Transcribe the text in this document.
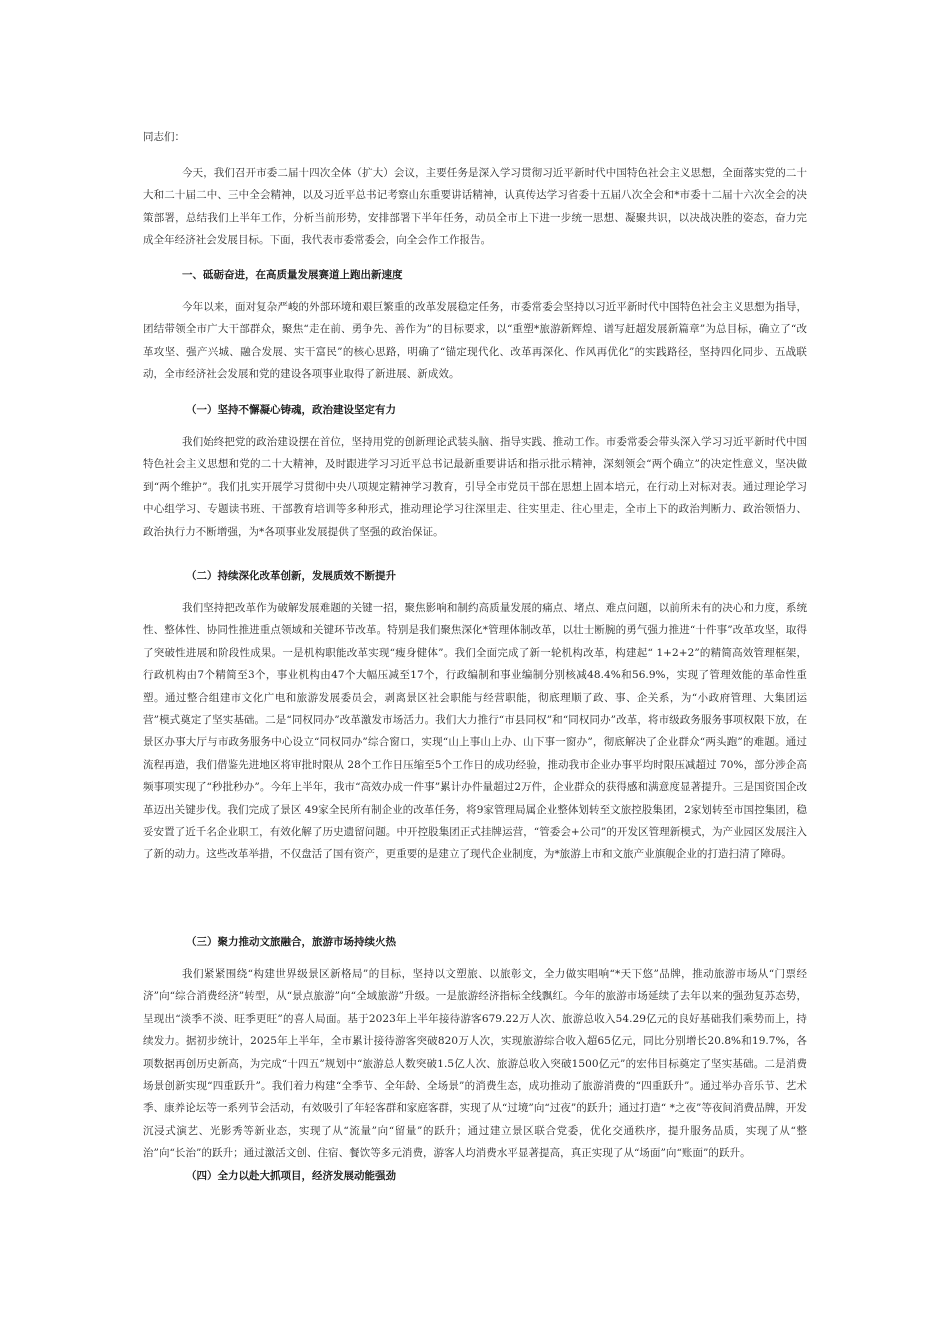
同志们：

今天，我们召开市委二届十四次全体（扩大）会议，主要任务是深入学习贯彻习近平新时代中国特色社会主义思想，全面落实党的二十大和二十届二中、三中全会精神，以及习近平总书记考察山东重要讲话精神，认真传达学习省委十五届八次全会和*市委十二届十六次全会的决策部署，总结我们上半年工作，分析当前形势，安排部署下半年任务，动员全市上下进一步统一思想、凝聚共识，以决战决胜的姿态，奋力完成全年经济社会发展目标。下面，我代表市委常委会，向全会作工作报告。

一、砥砺奋进，在高质量发展赛道上跑出新速度

今年以来，面对复杂严峻的外部环境和艰巨繁重的改革发展稳定任务，市委常委会坚持以习近平新时代中国特色社会主义思想为指导，团结带领全市广大干部群众，聚焦“走在前、勇争先、善作为”的目标要求，以“重塑*旅游新辉煌、谱写赶超发展新篇章”为总目标，确立了“改革攻坚、强产兴城、融合发展、实干富民”的核心思路，明确了“锚定现代化、改革再深化、作风再优化”的实践路径，坚持四化同步、五战联动，全市经济社会发展和党的建设各项事业取得了新进展、新成效。

（一）坚持不懈凝心铸魂，政治建设坚定有力

我们始终把党的政治建设摆在首位，坚持用党的创新理论武装头脑、指导实践、推动工作。市委常委会带头深入学习习近平新时代中国特色社会主义思想和党的二十大精神，及时跟进学习习近平总书记最新重要讲话和指示批示精神，深刻领会“两个确立”的决定性意义，坚决做到“两个维护”。我们扎实开展学习贯彻中央八项规定精神学习教育，引导全市党员干部在思想上固本培元，在行动上对标对表。通过理论学习中心组学习、专题读书班、干部教育培训等多种形式，推动理论学习往深里走、往实里走、往心里走，全市上下的政治判断力、政治领悟力、政治执行力不断增强，为*各项事业发展提供了坚强的政治保证。

（二）持续深化改革创新，发展质效不断提升

我们坚持把改革作为破解发展难题的关键一招，聚焦影响和制约高质量发展的痛点、堵点、难点问题，以前所未有的决心和力度，系统性、整体性、协同性推进重点领域和关键环节改革。特别是我们聚焦深化*管理体制改革，以壮士断腕的勇气强力推进“十件事”改革攻坚，取得了突破性进展和阶段性成果。一是机构职能改革实现“瘦身健体”。我们全面完成了新一轮机构改革，构建起“ 1+2+2”的精简高效管理框架，行政机构由7个精简至3个，事业机构由47个大幅压减至17个，行政编制和事业编制分别核减48.4%和56.9%，实现了管理效能的革命性重塑。通过整合组建市文化广电和旅游发展委员会，剥离景区社会职能与经营职能，彻底理顺了政、事、企关系，为“小政府管理、大集团运营”模式奠定了坚实基础。二是“同权同办”改革激发市场活力。我们大力推行“市县同权”和“同权同办”改革，将市级政务服务事项权限下放，在景区办事大厅与市政务服务中心设立“同权同办”综合窗口，实现“山上事山上办、山下事一窗办”，彻底解决了企业群众“两头跑”的难题。通过流程再造，我们借鉴先进地区将审批时限从 28个工作日压缩至5个工作日的成功经验，推动我市企业办事平均时限压减超过 70%，部分涉企高频事项实现了“秒批秒办”。今年上半年，我市“高效办成一件事”累计办件量超过2万件，企业群众的获得感和满意度显著提升。三是国资国企改革迈出关键步伐。我们完成了景区 49家全民所有制企业的改革任务，将9家管理局属企业整体划转至文旅控股集团，2家划转至市国控集团，稳妥安置了近千名企业职工，有效化解了历史遗留问题。中开控股集团正式挂牌运营，“管委会+公司”的开发区管理新模式，为产业园区发展注入了新的动力。这些改革举措，不仅盘活了国有资产，更重要的是建立了现代企业制度，为*旅游上市和文旅产业旗舰企业的打造扫清了障碍。

（三）聚力推动文旅融合，旅游市场持续火热

我们紧紧围绕“构建世界级景区新格局”的目标，坚持以文塑旅、以旅彰文，全力做实唱响“*天下悠”品牌，推动旅游市场从“门票经济”向“综合消费经济”转型，从“景点旅游”向“全域旅游”升级。一是旅游经济指标全线飘红。今年的旅游市场延续了去年以来的强劲复苏态势，呈现出“淡季不淡、旺季更旺”的喜人局面。基于2023年上半年接待游客679.22万人次、旅游总收入54.29亿元的良好基础我们乘势而上，持续发力。据初步统计，2025年上半年，全市累计接待游客突破820万人次，实现旅游综合收入超65亿元，同比分别增长20.8%和19.7%，各项数据再创历史新高，为完成“十四五”规划中“旅游总人数突破1.5亿人次、旅游总收入突破1500亿元”的宏伟目标奠定了坚实基础。二是消费场景创新实现“四重跃升”。我们着力构建“全季节、全年龄、全场景”的消费生态，成功推动了旅游消费的“四重跃升”。通过举办音乐节、艺术季、康养论坛等一系列节会活动，有效吸引了年轻客群和家庭客群，实现了从“过境”向“过夜”的跃升；通过打造“ *之夜”等夜间消费品牌，开发沉浸式演艺、光影秀等新业态，实现了从“流量”向“留量”的跃升；通过建立景区联合党委，优化交通秩序，提升服务品质，实现了从“整治”向“长治”的跃升；通过激活文创、住宿、餐饮等多元消费，游客人均消费水平显著提高，真正实现了从“场面”向“账面”的跃升。

（四）全力以赴大抓项目，经济发展动能强劲
